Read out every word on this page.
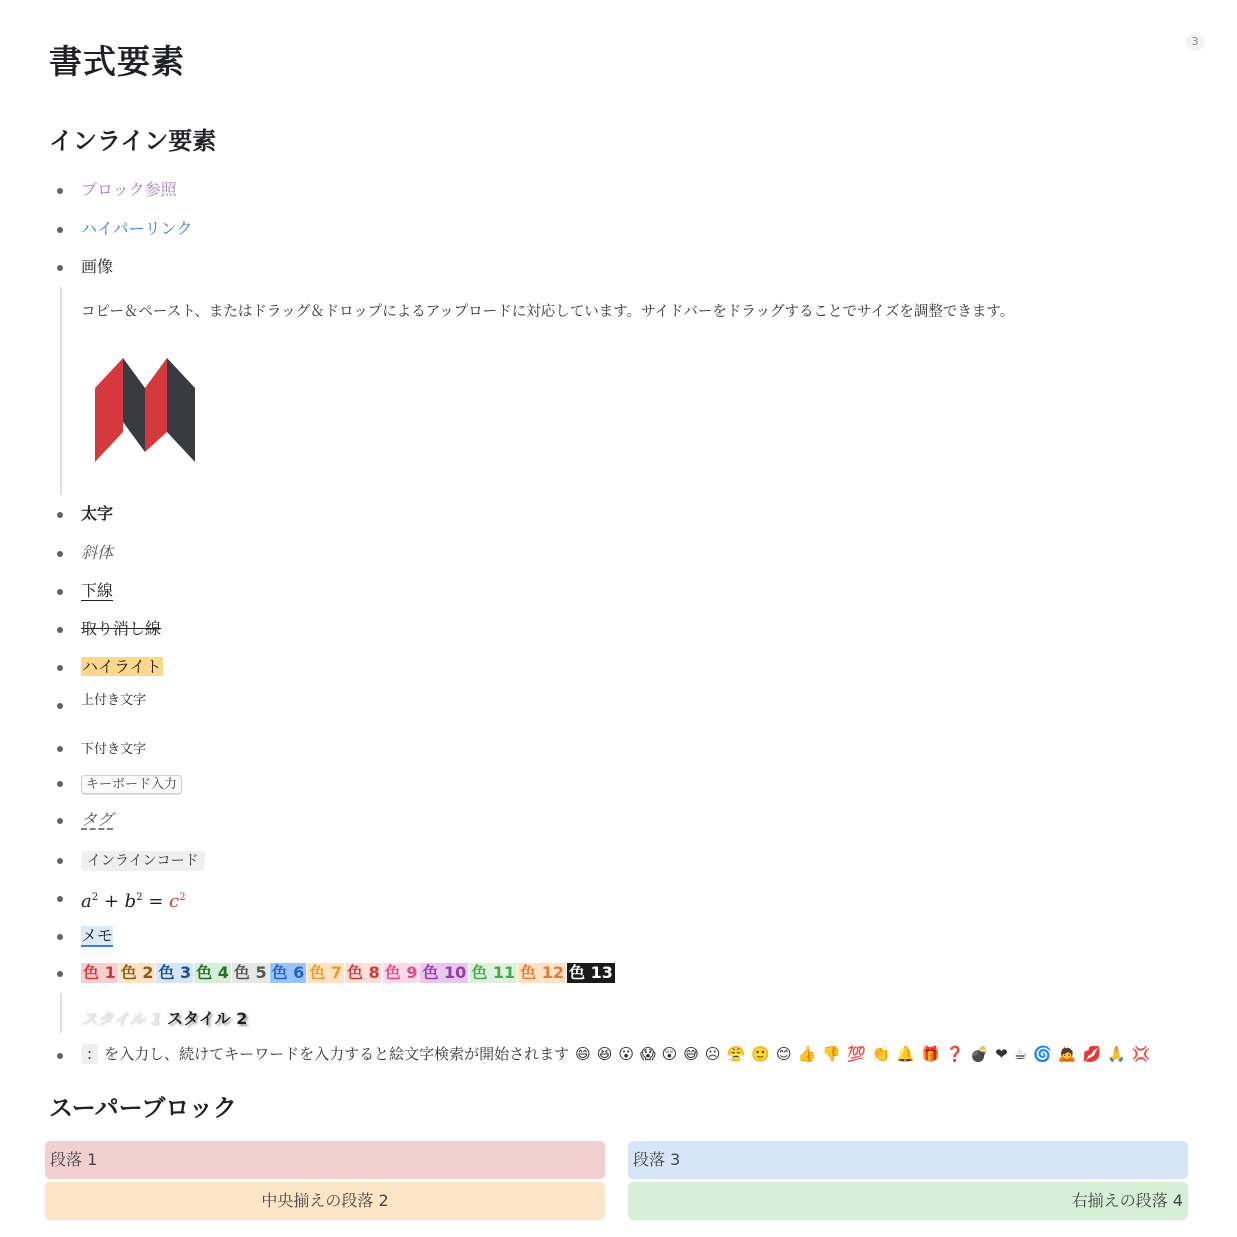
3
書式要素
インライン要素
ブロック参照
ハイパーリンク
画像
コピー＆ペースト、またはドラッグ＆ドロップによるアップロードに対応しています。サイドバーをドラッグすることでサイズを調整できます。
太字
斜体
下線
取り消し線
ハイライト
上付き文字
下付き文字
キーボード入力
タグ
インラインコード
$a^2 + b^2 = c^2$
メモ
色 1 色 2 色 3 色 4 色 5 色 6 色 7 色 8 色 9 色 10 色 11 色 12 色 13
スタイル 1 スタイル 2
: を入力し、続けてキーワードを入力すると絵文字検索が開始されます 😄 😆 😮 😱 😲 😅 ☹ 😤 🙂 😊 👍 👎 💯 👏 🔔 🎁 ❓ 💣 ❤ ☕ 🌀 🙇 💋 🙏 💢
スーパーブロック
段落 1
中央揃えの段落 2
段落 3
右揃えの段落 4
